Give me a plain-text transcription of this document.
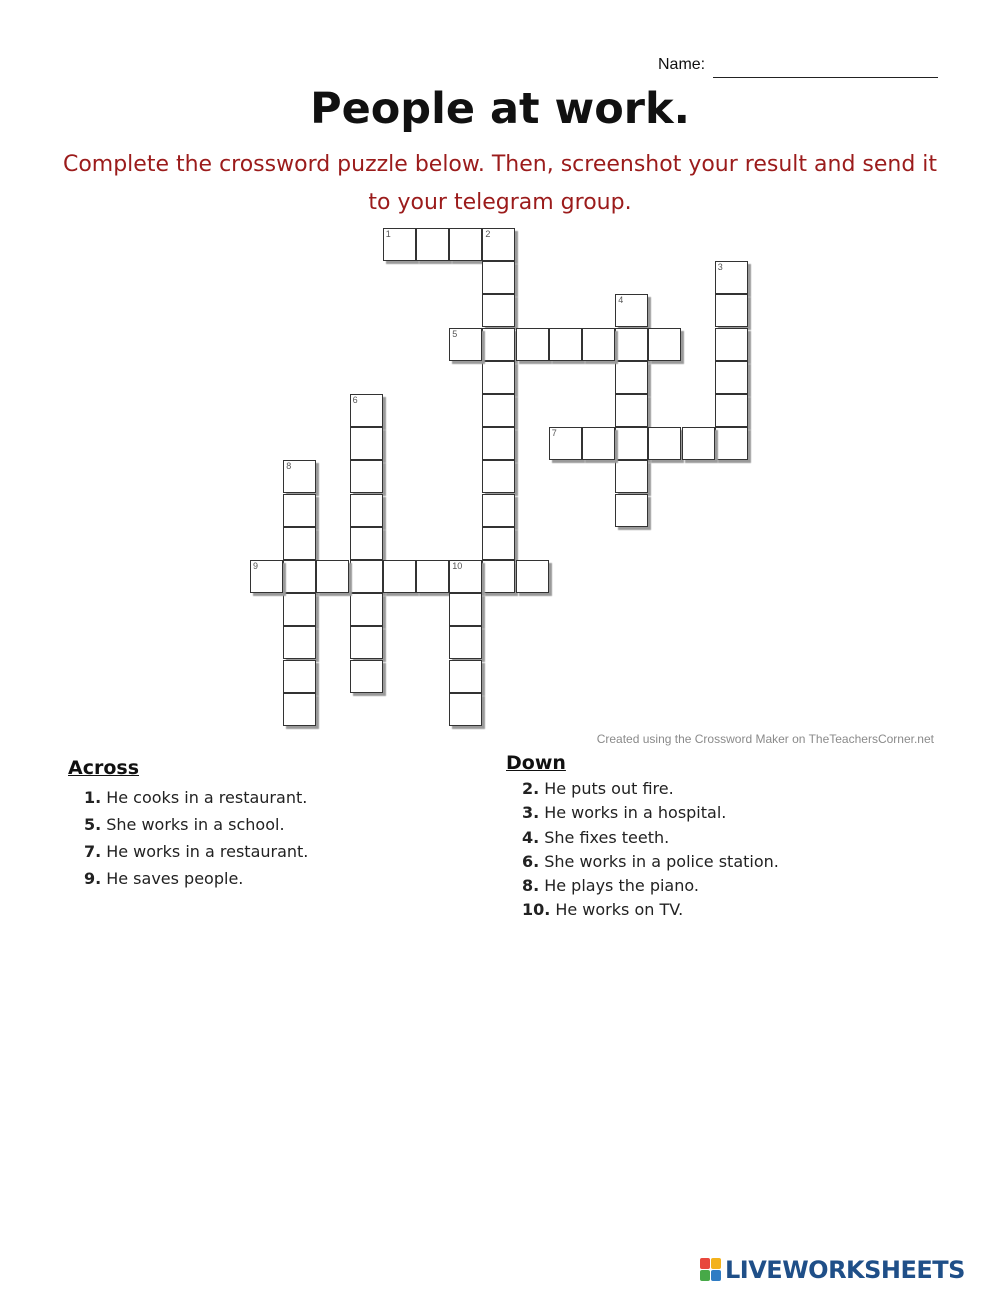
Name:
People at work.
Complete the crossword puzzle below. Then, screenshot your result and send it to your telegram group.
1	2
3
4
5
6
7
8
9	10
Created using the Crossword Maker on TheTeachersCorner.net
Across
1. He cooks in a restaurant.
5. She works in a school.
7. He works in a restaurant.
9. He saves people.
Down
2. He puts out fire.
3. He works in a hospital.
4. She fixes teeth.
6. She works in a police station.
8. He plays the piano.
10. He works on TV.
LIVEWORKSHEETS
